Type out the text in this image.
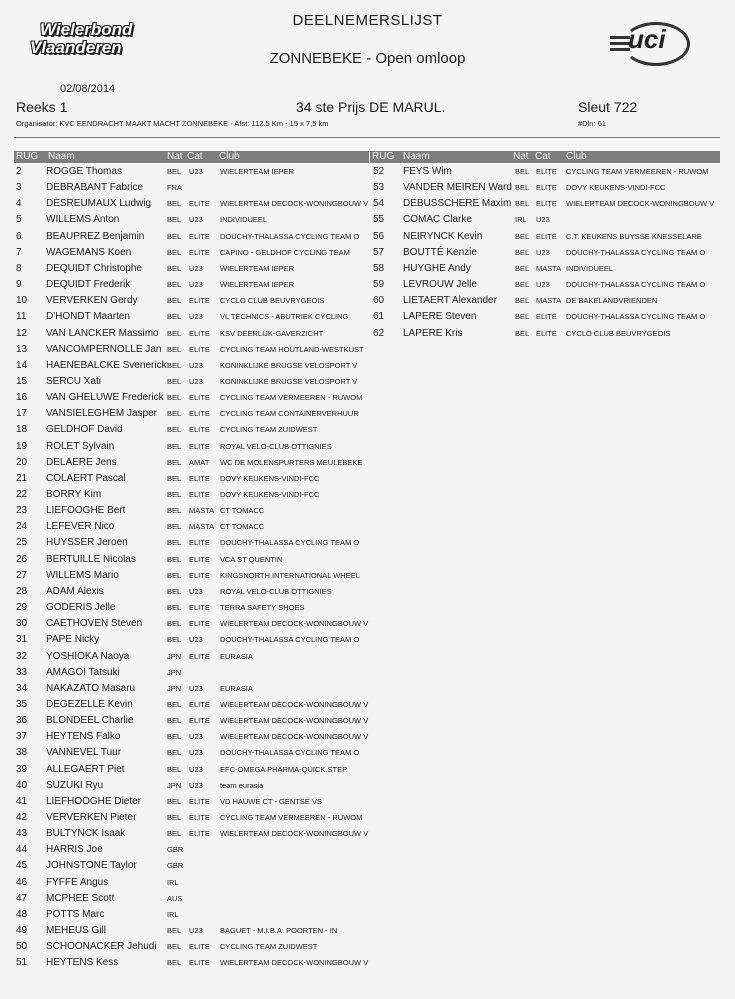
Wielerbond
Vlaanderen	uci
DEELNEMERSLIJST
ZONNEBEKE - Open omloop
02/08/2014
Reeks 1	34 ste Prijs DE MARUL.	Sleut 722
Organisator: KVC EENDRACHT MAAKT MACHT ZONNEBEKE - Afst: 112.5 Km - 15 x 7,5 km	#Dln: 61
RUG Naam	Nat Cat Club	RUG Naam	Nat Cat Club
2 ROGGE Thomas	BEL U23 WIELERTEAM IEPER
3 DEBRABANT Fabrice	FRA
4 DESREUMAUX Ludwig BEL ELITE WIELERTEAM DECOCK-WONINGBOUW V
5 WILLEMS Anton	BEL U23 INDIVIDUEEL
6 BEAUPREZ Benjamin	BEL ELITE DOUCHY-THALASSA CYCLING TEAM O
7 WAGEMANS Koen	BEL ELITE CAPINO - GELDHOF CYCLING TEAM
8 DEQUIDT Christophe	BEL U23 WIELERTEAM IEPER
9 DEQUIDT Frederik	BEL U23 WIELERTEAM IEPER
10 VERVERKEN Gerdy	BEL ELITE CYCLO CLUB BEUVRYGEOIS
11 D'HONDT Maarten	BEL U23 VL TECHNICS - ABUTRIEK CYCLING
12 VAN LANCKER Massimo BEL ELITE KSV DEERLIJK-GAVERZICHT
13 VANCOMPERNOLLE Jan BEL ELITE CYCLING TEAM HOUTLAND-WESTKUST
14 HAENEBALCKE Svenerick BEL U23 KONINKLIJKE BRUGSE VELOSPORT V
15 SERCU Xati	BEL U23 KONINKLIJKE BRUGSE VELOSPORT V
16 VAN GHELUWE Frederick BEL ELITE CYCLING TEAM VERMEEREN - RUWOM
17 VANSIELEGHEM Jasper BEL ELITE CYCLING TEAM CONTAINERVERHUUR
18 GELDHOF David	BEL ELITE CYCLING TEAM ZUIDWEST
19 ROLET Sylvain	BEL ELITE ROYAL VELO-CLUB OTTIGNIES
20 DELAERE Jens	BEL AMAT WC DE MOLENSPURTERS MEULEBEKE
21 COLAERT Pascal	BEL ELITE DOVY KEUKENS-VINDI-FCC
22 BORRY Kim	BEL ELITE DOVY KEUKENS-VINDI-FCC
23 LIEFOOGHE Bert	BEL MASTA CT TOMACC
24 LEFEVER Nico	BEL MASTA CT TOMACC
25 HUYSSER Jeroen	BEL ELITE DOUCHY-THALASSA CYCLING TEAM O
26 BERTUILLE Nicolas	BEL ELITE VCA ST QUENTIN
27 WILLEMS Mario	BEL ELITE KINGSNORTH INTERNATIONAL WHEEL
28 ADAM Alexis	BEL U23 ROYAL VELO-CLUB OTTIGNIES
29 GODERIS Jelle	BEL ELITE TERRA SAFETY SHOES
30 CAETHOVEN Steven	BEL ELITE WIELERTEAM DECOCK-WONINGBOUW V
31 PAPE Nicky	BEL U23 DOUCHY-THALASSA CYCLING TEAM O
32 YOSHIOKA Naoya	JPN ELITE EURASIA
33 AMAGOI Tatsuki	JPN
34 NAKAZATO Masaru	JPN U23 EURASIA
35 DEGEZELLE Kevin	BEL ELITE WIELERTEAM DECOCK-WONINGBOUW V
36 BLONDEEL Charlie	BEL ELITE WIELERTEAM DECOCK-WONINGBOUW V
37 HEYTENS Falko	BEL U23 WIELERTEAM DECOCK-WONINGBOUW V
38 VANNEVEL Tuur	BEL U23 DOUCHY-THALASSA CYCLING TEAM O
39 ALLEGAERT Piet	BEL U23 EFC-OMEGA PHARMA-QUICK.STEP
40 SUZUKI Ryu	JPN U23 team eurasia
41 LIEFHOOGHE Dieter	BEL ELITE VD HAUWE CT - GENTSE VS
42 VERVERKEN Pieter	BEL ELITE CYCLING TEAM VERMEEREN - RUWOM
43 BULTYNCK Isaak	BEL ELITE WIELERTEAM DECOCK-WONINGBOUW V
44 HARRIS Joe	GBR
45 JOHNSTONE Taylor	GBR
46 FYFFE Angus	IRL
47 MCPHEE Scott	AUS
48 POTTS Marc	IRL
49 MEHEUS Gill	BEL U23 BAGUET - M.I.B.A. POORTEN - IN
50 SCHOONACKER Jehudi BEL ELITE CYCLING TEAM ZUIDWEST
51 HEYTENS Kess	BEL ELITE WIELERTEAM DECOCK-WONINGBOUW V
52 FEYS Wim	BEL ELITE CYCLING TEAM VERMEEREN - RUWOM
53 VANDER MEIREN Ward BEL ELITE DOVY KEUKENS-VINDI-FCC
54 DEBUSSCHERE Maxim BEL ELITE WIELERTEAM DECOCK-WONINGBOUW V
55 COMAC Clarke	IRL U23
56 NEIRYNCK Kevin	BEL ELITE C.T. KEUKENS BUYSSE KNESSELARE
57 BOUTTÉ Kenzie	BEL U23 DOUCHY-THALASSA CYCLING TEAM O
58 HUYGHE Andy	BEL MASTA INDIVIDUEEL
59 LEVROUW Jelle	BEL U23 DOUCHY-THALASSA CYCLING TEAM O
60 LIETAERT Alexander BEL MASTA DE BAKELANDVRIENDEN
61 LAPERE Steven	BEL ELITE DOUCHY-THALASSA CYCLING TEAM O
62 LAPERE Kris	BEL ELITE CYCLO CLUB BEUVRYGEOIS
